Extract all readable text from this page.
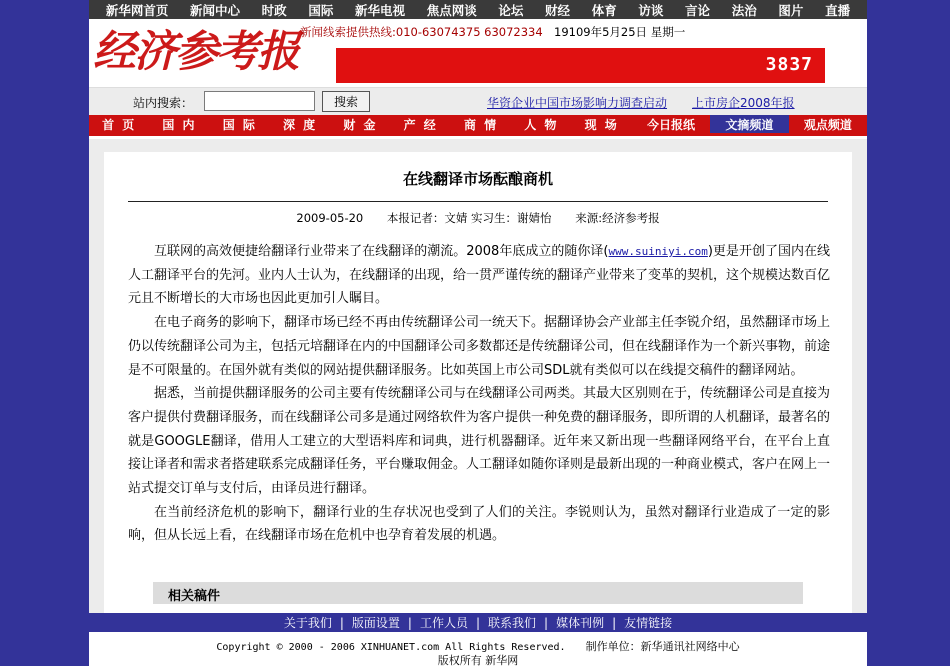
新华网首页 新闻中心 时政 国际 新华电视 焦点网谈 论坛 财经 体育 访谈 言论 法治 图片 直播
经济参考报 新闻线索提供热线:010-63074375 63072334 19109年5月25日 星期一
3837
站内搜索：	搜索	华资企业中国市场影响力调查启动 上市房企2008年报
首 页	国 内	国 际	深 度	财 金	产 经	商 情	人 物	现 场	今日报纸	文摘频道	观点频道
在线翻译市场酝酿商机
2009-05-20 本报记者：文婧 实习生：谢婧怡 来源:经济参考报

互联网的高效便捷给翻译行业带来了在线翻译的潮流。2008年底成立的随你译(www.suiniyi.com)更是开创了国内在线人工翻译平台的先河。业内人士认为，在线翻译的出现，给一贯严谨传统的翻译产业带来了变革的契机，这个规模达数百亿元且不断增长的大市场也因此更加引人瞩目。

在电子商务的影响下，翻译市场已经不再由传统翻译公司一统天下。据翻译协会产业部主任李锐介绍，虽然翻译市场上仍以传统翻译公司为主，包括元培翻译在内的中国翻译公司多数都还是传统翻译公司，但在线翻译作为一个新兴事物，前途是不可限量的。在国外就有类似的网站提供翻译服务。比如英国上市公司SDL就有类似可以在线提交稿件的翻译网站。

据悉，当前提供翻译服务的公司主要有传统翻译公司与在线翻译公司两类。其最大区别则在于，传统翻译公司是直接为客户提供付费翻译服务，而在线翻译公司多是通过网络软件为客户提供一种免费的翻译服务，即所谓的人机翻译，最著名的就是GOOGLE翻译，借用人工建立的大型语料库和词典，进行机器翻译。近年来又新出现一些翻译网络平台，在平台上直接让译者和需求者搭建联系完成翻译任务，平台赚取佣金。人工翻译如随你译则是最新出现的一种商业模式，客户在网上一站式提交订单与支付后，由译员进行翻译。

在当前经济危机的影响下，翻译行业的生存状况也受到了人们的关注。李锐则认为，虽然对翻译行业造成了一定的影响，但从长远上看，在线翻译市场在危机中也孕育着发展的机遇。

相关稿件
关于我们 | 版面设置 | 工作人员 | 联系我们 | 媒体刊例 | 友情链接
Copyright © 2000 - 2006 XINHUANET.com All Rights Reserved. 制作单位：新华通讯社网络中心
版权所有 新华网
